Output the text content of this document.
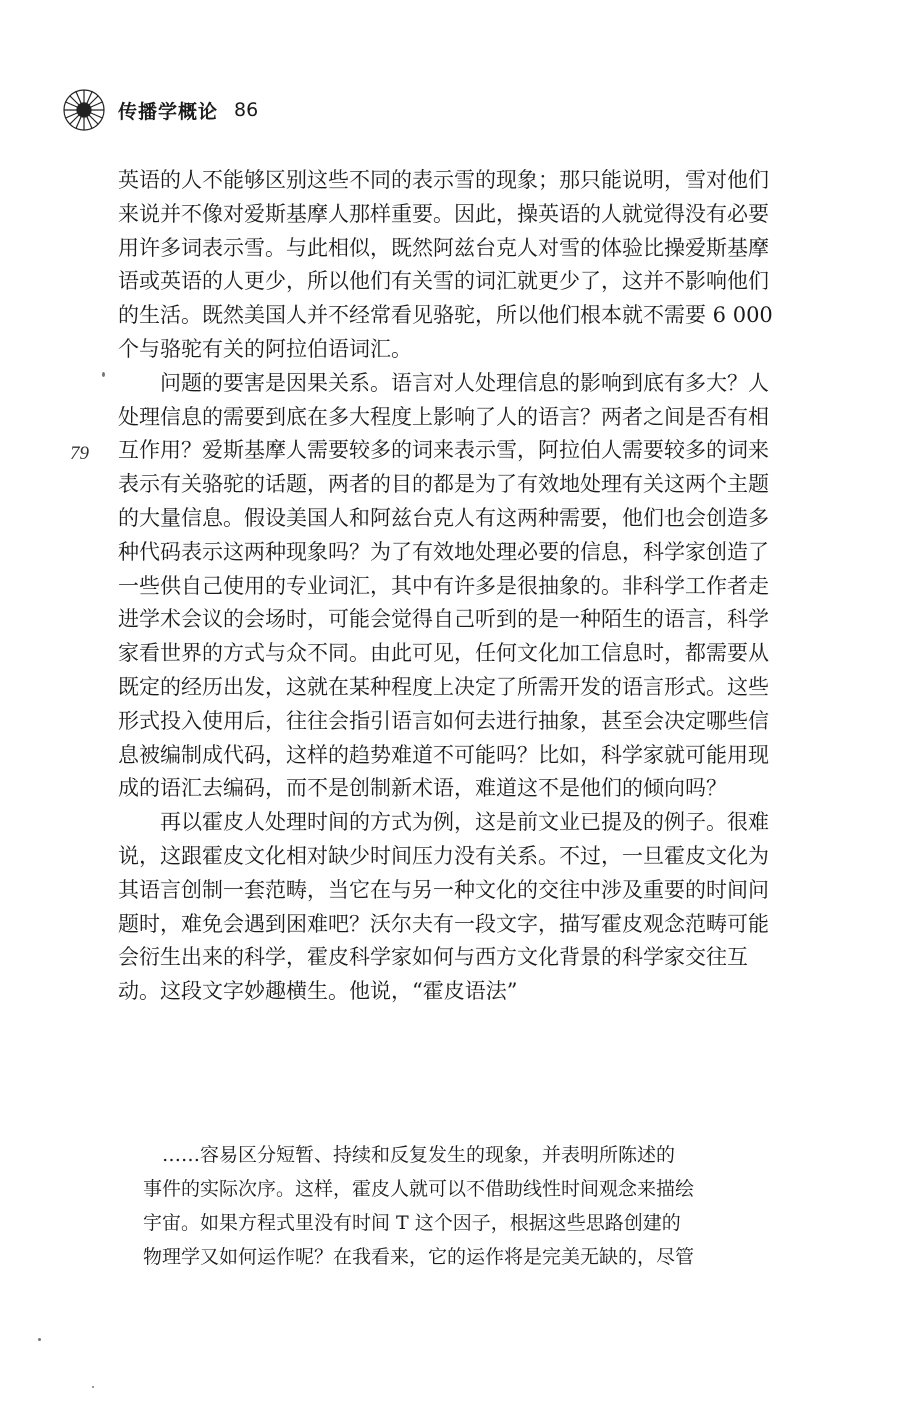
传播学概论 86
79
英语的人不能够区别这些不同的表示雪的现象；那只能说明，雪对他们
来说并不像对爱斯基摩人那样重要。因此，操英语的人就觉得没有必要
用许多词表示雪。与此相似，既然阿兹台克人对雪的体验比操爱斯基摩
语或英语的人更少，所以他们有关雪的词汇就更少了，这并不影响他们
的生活。既然美国人并不经常看见骆驼，所以他们根本就不需要 6 000
个与骆驼有关的阿拉伯语词汇。
　　问题的要害是因果关系。语言对人处理信息的影响到底有多大？人
处理信息的需要到底在多大程度上影响了人的语言？两者之间是否有相
互作用？爱斯基摩人需要较多的词来表示雪，阿拉伯人需要较多的词来
表示有关骆驼的话题，两者的目的都是为了有效地处理有关这两个主题
的大量信息。假设美国人和阿兹台克人有这两种需要，他们也会创造多
种代码表示这两种现象吗？为了有效地处理必要的信息，科学家创造了
一些供自己使用的专业词汇，其中有许多是很抽象的。非科学工作者走
进学术会议的会场时，可能会觉得自己听到的是一种陌生的语言，科学
家看世界的方式与众不同。由此可见，任何文化加工信息时，都需要从
既定的经历出发，这就在某种程度上决定了所需开发的语言形式。这些
形式投入使用后，往往会指引语言如何去进行抽象，甚至会决定哪些信
息被编制成代码，这样的趋势难道不可能吗？比如，科学家就可能用现
成的语汇去编码，而不是创制新术语，难道这不是他们的倾向吗？
　　再以霍皮人处理时间的方式为例，这是前文业已提及的例子。很难
说，这跟霍皮文化相对缺少时间压力没有关系。不过，一旦霍皮文化为
其语言创制一套范畴，当它在与另一种文化的交往中涉及重要的时间问
题时，难免会遇到困难吧？沃尔夫有一段文字，描写霍皮观念范畴可能
会衍生出来的科学，霍皮科学家如何与西方文化背景的科学家交往互
动。这段文字妙趣横生。他说，“霍皮语法”
　……容易区分短暂、持续和反复发生的现象，并表明所陈述的
事件的实际次序。这样，霍皮人就可以不借助线性时间观念来描绘
宇宙。如果方程式里没有时间 T 这个因子，根据这些思路创建的
物理学又如何运作呢？在我看来，它的运作将是完美无缺的，尽管
